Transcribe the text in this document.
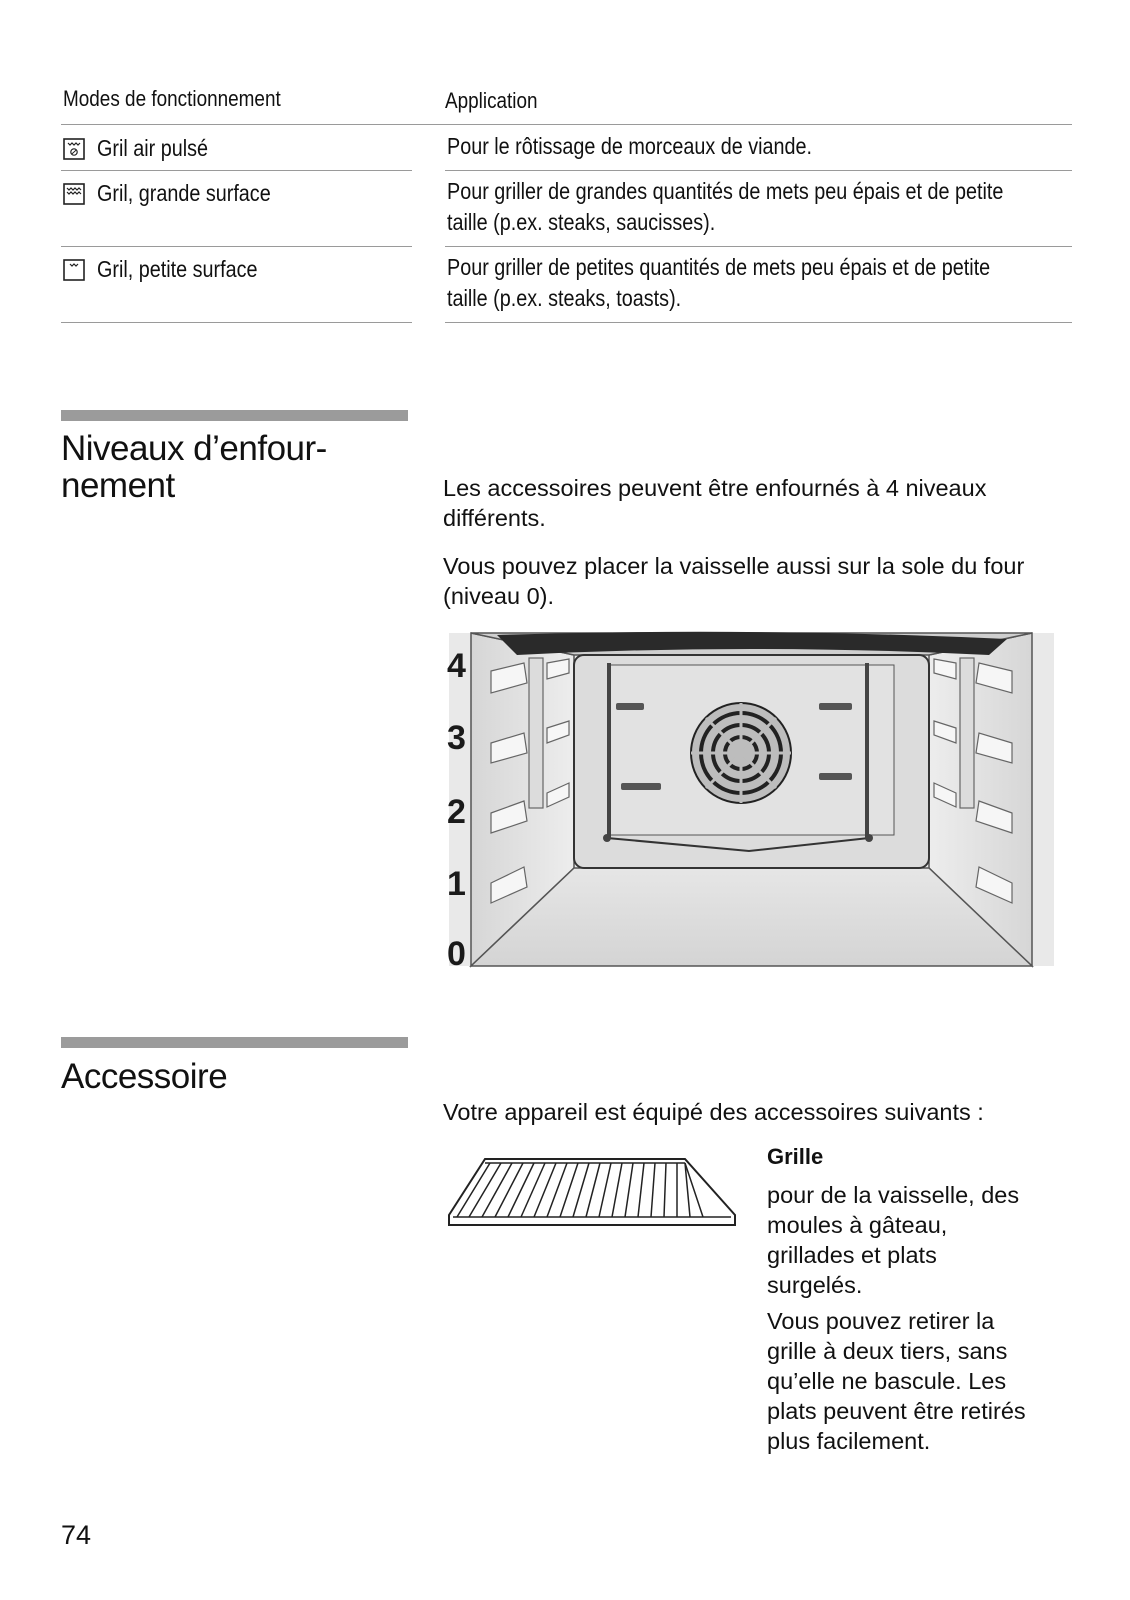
Modes de fonctionnement	Application
Gril air pulsé	Pour le rôtissage de morceaux de viande.
Gril, grande surface	Pour griller de grandes quantités de mets peu épais et de petite
taille (p.ex. steaks, saucisses).
Gril, petite surface	Pour griller de petites quantités de mets peu épais et de petite
taille (p.ex. steaks, toasts).
Niveaux d’enfour-
nement	Les accessoires peuvent être enfournés à 4 niveaux différents.

Vous pouvez placer la vaisselle aussi sur la sole du four (niveau 0).

4
3
2
1
0
Accessoire

Votre appareil est équipé des accessoires suivants :

Grille

pour de la vaisselle, des moules à gâteau, grillades et plats surgelés.

Vous pouvez retirer la grille à deux tiers, sans qu’elle ne bascule. Les plats peuvent être retirés plus facilement.

74
